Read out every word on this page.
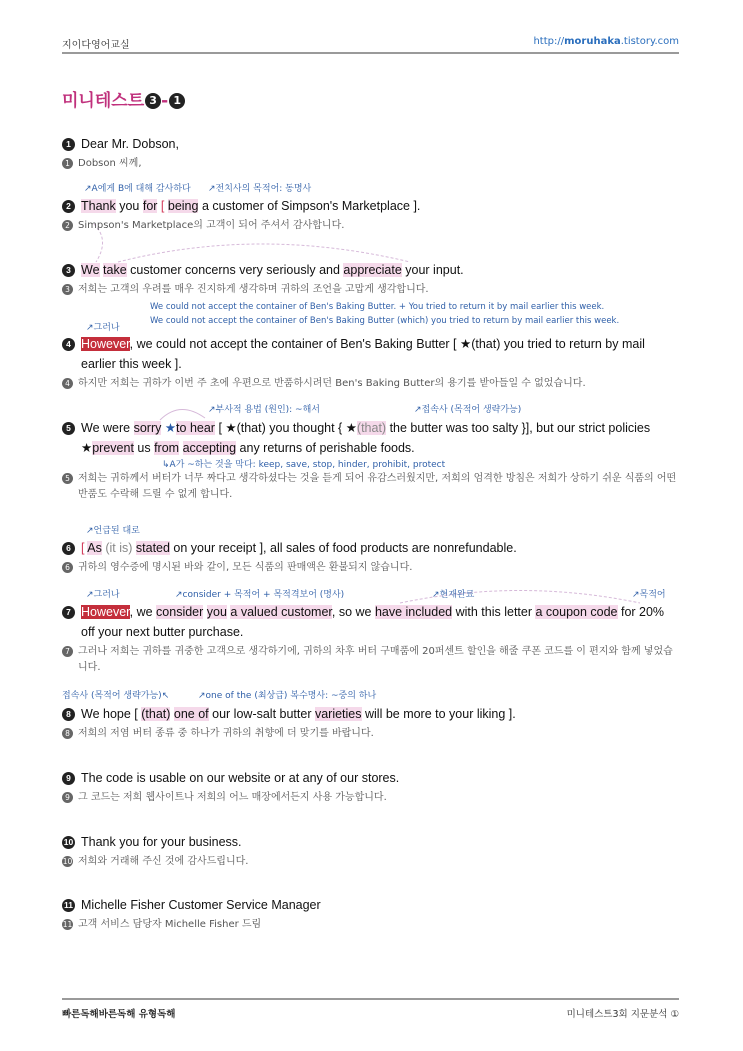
지이다영어교실	http://moruhaka.tistory.com
미니테스트 3 - 1
1 Dear Mr. Dobson,
1 Dobson 씨께,
↗A에게 B에 대해 감사하다 ↗전치사의 목적어: 동명사
2 Thank you for [ being a customer of Simpson's Marketplace ].
2 Simpson's Marketplace의 고객이 되어 주셔서 감사합니다.
3 We take customer concerns very seriously and appreciate your input.
3 저희는 고객의 우려를 매우 진지하게 생각하며 귀하의 조언을 고맙게 생각합니다.
We could not accept the container of Ben's Baking Butter. + You tried to return it by mail earlier this week.
We could not accept the container of Ben's Baking Butter (which) you tried to return by mail earlier this week.
↗그러나
4 However, we could not accept the container of Ben's Baking Butter [ ★(that) you tried to return by mail earlier this week ].
4 하지만 저희는 귀하가 이번 주 초에 우편으로 반품하시려던 Ben's Baking Butter의 용기를 받아들일 수 없었습니다.
↗부사적 용법 (원인): ~해서	↗접속사 (목적어 생략가능)
5 We were sorry ★to hear [ ★(that) you thought { ★(that) the butter was too salty }], but our strict policies ★prevent us from accepting any returns of perishable foods.
↳A가 ~하는 것을 막다: keep, save, stop, hinder, prohibit, protect
5 저희는 귀하께서 버터가 너무 짜다고 생각하셨다는 것을 듣게 되어 유감스러웠지만, 저희의 엄격한 방침은 저희가 상하기 쉬운 식품의 어떤 반품도 수락해 드릴 수 없게 합니다.
↗언급된 대로
6 [ As (it is) stated on your receipt ], all sales of food products are nonrefundable.
6 귀하의 영수증에 명시된 바와 같이, 모든 식품의 판매액은 환불되지 않습니다.
↗그러나	↗consider + 목적어 + 목적격보어 (명사)	↗현재완료	↗목적어
7 However, we consider you a valued customer, so we have included with this letter a coupon code for 20% off your next butter purchase.
7 그러나 저희는 귀하를 귀중한 고객으로 생각하기에, 귀하의 차후 버터 구매품에 20퍼센트 할인을 해줄 쿠폰 코드를 이 편지와 함께 넣었습니다.
접속사 (목적어 생략가능)↖	↗one of the (최상급) 복수명사: ~중의 하나
8 We hope [ (that) one of our low-salt butter varieties will be more to your liking ].
8 저희의 저염 버터 종류 중 하나가 귀하의 취향에 더 맞기를 바랍니다.
9 The code is usable on our website or at any of our stores.
9 그 코드는 저희 웹사이트나 저희의 어느 매장에서든지 사용 가능합니다.
10 Thank you for your business.
10 저희와 거래해 주신 것에 감사드립니다.
11 Michelle Fisher Customer Service Manager
11 고객 서비스 담당자 Michelle Fisher 드림
빠른독해바른독해 유형독해	미니테스트3회 지문분석 ①
